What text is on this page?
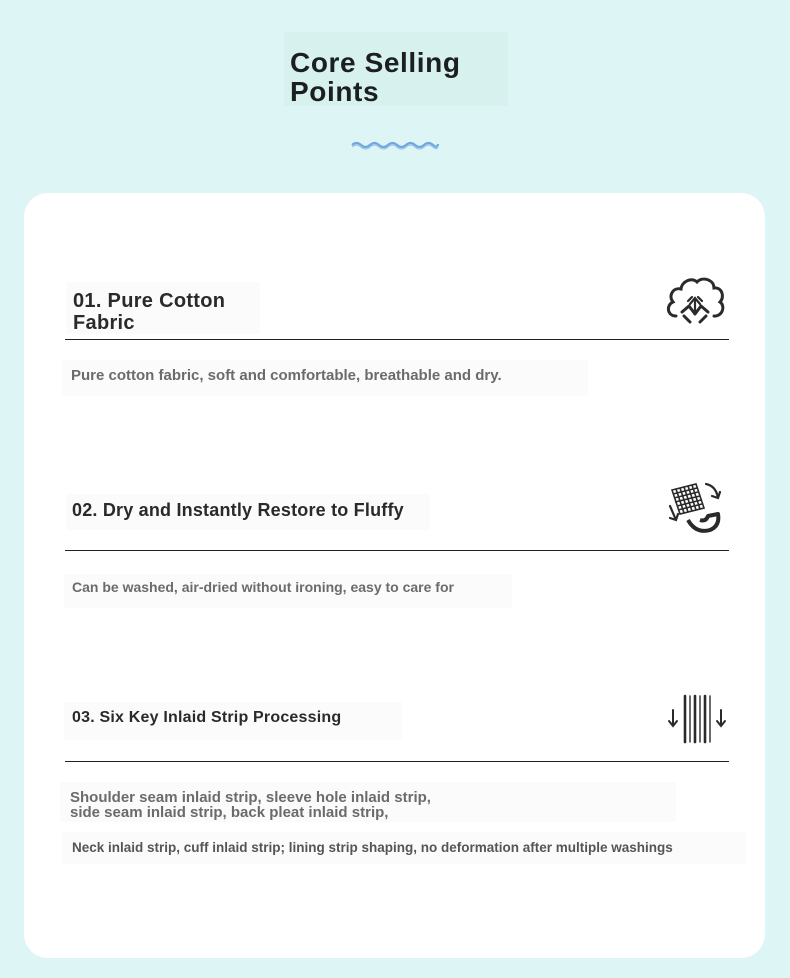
Core Selling
Points
01. Pure Cotton
Fabric
Pure cotton fabric, soft and comfortable, breathable and dry.
02. Dry and Instantly Restore to Fluffy
Can be washed, air-dried without ironing, easy to care for
03. Six Key Inlaid Strip Processing
Shoulder seam inlaid strip, sleeve hole inlaid strip,
side seam inlaid strip, back pleat inlaid strip,
Neck inlaid strip, cuff inlaid strip; lining strip shaping, no deformation after multiple washings
